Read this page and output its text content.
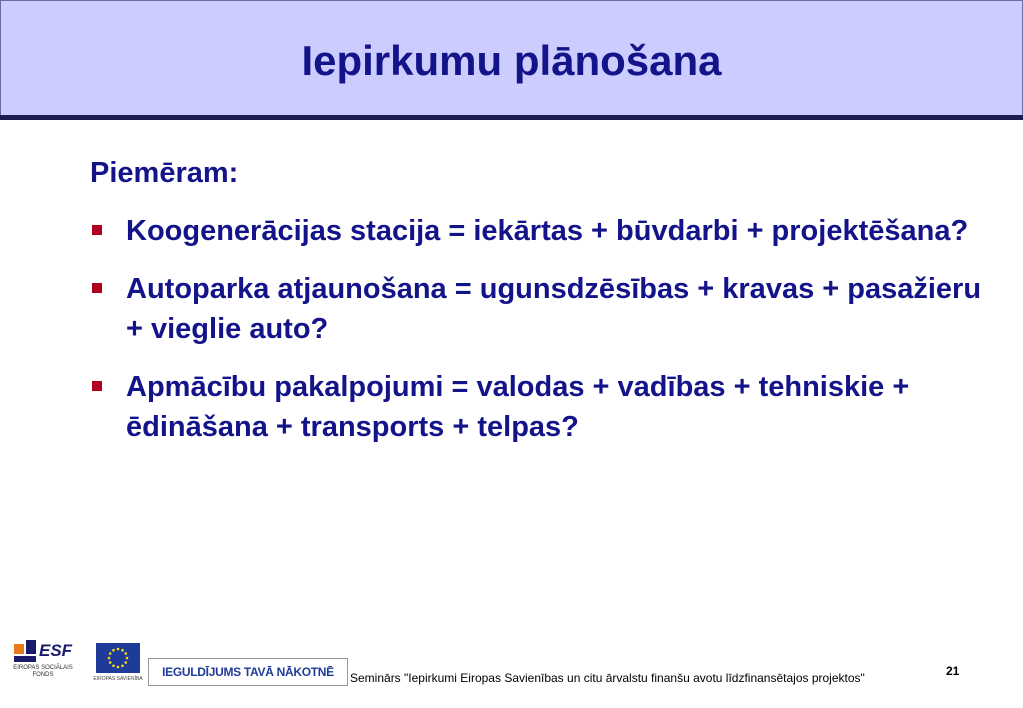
Iepirkumu plānošana
Piemēram:
Koogenerācijas stacija = iekārtas + būvdarbi + projektēšana?
Autoparka atjaunošana = ugunsdzēsības + kravas + pasažieru + vieglie auto?
Apmācību pakalpojumi = valodas + vadības + tehniskie + ēdināšana + transports + telpas?
ESF
EIROPAS SOCIĀLAIS FONDS
EIROPAS SAVIENĪBA	IEGULDĪJUMS TAVĀ NĀKOTNĒ	Seminārs "Iepirkumi Eiropas Savienības un citu ārvalstu finanšu avotu līdzfinansētajos projektos"	21
